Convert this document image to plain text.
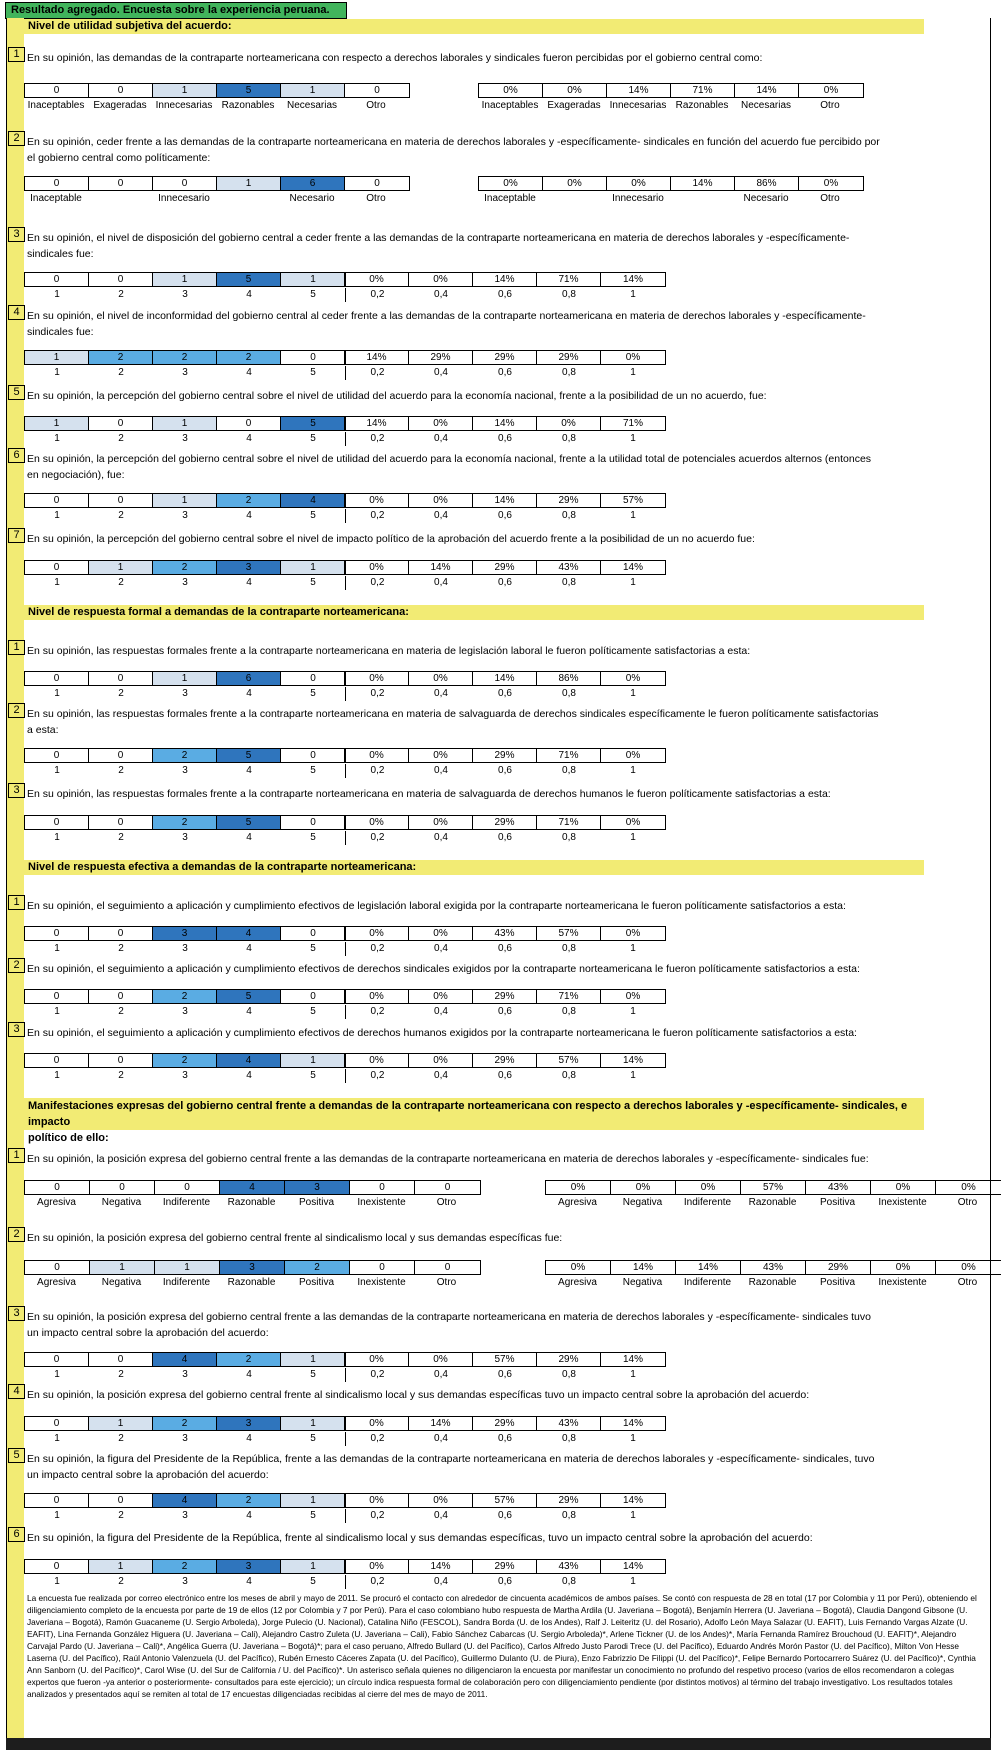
Resultado agregado. Encuesta sobre la experiencia peruana.
Nivel de utilidad subjetiva del acuerdo:
Nivel de respuesta formal a demandas de la contraparte norteamericana:
Nivel de respuesta efectiva a demandas de la contraparte norteamericana:
Manifestaciones expresas del gobierno central frente a demandas de la contraparte norteamericana con respecto a derechos laborales y -específicamente- sindicales, e impacto
político de ello:
1 En su opinión, las demandas de la contraparte norteamericana con respecto a derechos laborales y sindicales fueron percibidas por el gobierno central como:
0	0	1	5	1	0	0%	0%	14%	71%	14%	0%
Inaceptables Exageradas Innecesarias Razonables	Necesarias	Otro	Inaceptables Exageradas Innecesarias Razonables	Necesarias	Otro
2 En su opinión, ceder frente a las demandas de la contraparte norteamericana en materia de derechos laborales y -específicamente- sindicales en función del acuerdo fue percibido por
el gobierno central como políticamente:
0	0	0	1	6	0	0%	0%	0%	14%	86%	0%
Inaceptable	Innecesario	Necesario	Otro	Inaceptable	Innecesario	Necesario	Otro
3 En su opinión, el nivel de disposición del gobierno central a ceder frente a las demandas de la contraparte norteamericana en materia de derechos laborales y -específicamente-
sindicales fue:
0	0	1	5	1	0%	0%	14%	71%	14%
1	2	3	4	5	0,2	0,4	0,6	0,8	1
4 En su opinión, el nivel de inconformidad del gobierno central al ceder frente a las demandas de la contraparte norteamericana en materia de derechos laborales y -específicamente-
sindicales fue:
1	2	2	2	0	14%	29%	29%	29%	0%
1	2	3	4	5	0,2	0,4	0,6	0,8	1
5 En su opinión, la percepción del gobierno central sobre el nivel de utilidad del acuerdo para la economía nacional, frente a la posibilidad de un no acuerdo, fue:
1	0	1	0	5	14%	0%	14%	0%	71%
1	2	3	4	5	0,2	0,4	0,6	0,8	1
6 En su opinión, la percepción del gobierno central sobre el nivel de utilidad del acuerdo para la economía nacional, frente a la utilidad total de potenciales acuerdos alternos (entonces
en negociación), fue:
0	0	1	2	4	0%	0%	14%	29%	57%
1	2	3	4	5	0,2	0,4	0,6	0,8	1
7 En su opinión, la percepción del gobierno central sobre el nivel de impacto político de la aprobación del acuerdo frente a la posibilidad de un no acuerdo fue:
0	1	2	3	1	0%	14%	29%	43%	14%
1	2	3	4	5	0,2	0,4	0,6	0,8	1
1 En su opinión, las respuestas formales frente a la contraparte norteamericana en materia de legislación laboral le fueron políticamente satisfactorias a esta:
0	0	1	6	0	0%	0%	14%	86%	0%
1	2	3	4	5	0,2	0,4	0,6	0,8	1
2 En su opinión, las respuestas formales frente a la contraparte norteamericana en materia de salvaguarda de derechos sindicales específicamente le fueron políticamente satisfactorias
a esta:
0	0	2	5	0	0%	0%	29%	71%	0%
1	2	3	4	5	0,2	0,4	0,6	0,8	1
3 En su opinión, las respuestas formales frente a la contraparte norteamericana en materia de salvaguarda de derechos humanos le fueron políticamente satisfactorias a esta:
0	0	2	5	0	0%	0%	29%	71%	0%
1	2	3	4	5	0,2	0,4	0,6	0,8	1
1 En su opinión, el seguimiento a aplicación y cumplimiento efectivos de legislación laboral exigida por la contraparte norteamericana le fueron políticamente satisfactorios a esta:
0	0	3	4	0	0%	0%	43%	57%	0%
1	2	3	4	5	0,2	0,4	0,6	0,8	1
2 En su opinión, el seguimiento a aplicación y cumplimiento efectivos de derechos sindicales exigidos por la contraparte norteamericana le fueron políticamente satisfactorios a esta:
0	0	2	5	0	0%	0%	29%	71%	0%
1	2	3	4	5	0,2	0,4	0,6	0,8	1
3 En su opinión, el seguimiento a aplicación y cumplimiento efectivos de derechos humanos exigidos por la contraparte norteamericana le fueron políticamente satisfactorios a esta:
0	0	2	4	1	0%	0%	29%	57%	14%
1	2	3	4	5	0,2	0,4	0,6	0,8	1
1 En su opinión, la posición expresa del gobierno central frente a las demandas de la contraparte norteamericana en materia de derechos laborales y -específicamente- sindicales fue:
0	0	0	4	3	0	0	0%	0%	0%	57%	43%	0%	0%
Agresiva	Negativa	Indiferente	Razonable	Positiva	Inexistente	Otro	Agresiva	Negativa	Indiferente	Razonable	Positiva	Inexistente	Otro
2 En su opinión, la posición expresa del gobierno central frente al sindicalismo local y sus demandas específicas fue:
0	1	1	3	2	0	0	0%	14%	14%	43%	29%	0%	0%
Agresiva	Negativa	Indiferente	Razonable	Positiva	Inexistente	Otro	Agresiva	Negativa	Indiferente	Razonable	Positiva	Inexistente	Otro
3 En su opinión, la posición expresa del gobierno central frente a las demandas de la contraparte norteamericana en materia de derechos laborales y -específicamente- sindicales tuvo
un impacto central sobre la aprobación del acuerdo:
0	0	4	2	1	0%	0%	57%	29%	14%
1	2	3	4	5	0,2	0,4	0,6	0,8	1
4 En su opinión, la posición expresa del gobierno central frente al sindicalismo local y sus demandas específicas tuvo un impacto central sobre la aprobación del acuerdo:
0	1	2	3	1	0%	14%	29%	43%	14%
1	2	3	4	5	0,2	0,4	0,6	0,8	1
5 En su opinión, la figura del Presidente de la República, frente a las demandas de la contraparte norteamericana en materia de derechos laborales y -específicamente- sindicales, tuvo
un impacto central sobre la aprobación del acuerdo:
0	0	4	2	1	0%	0%	57%	29%	14%
1	2	3	4	5	0,2	0,4	0,6	0,8	1
6 En su opinión, la figura del Presidente de la República, frente al sindicalismo local y sus demandas específicas, tuvo un impacto central sobre la aprobación del acuerdo:
0	1	2	3	1	0%	14%	29%	43%	14%
1	2	3	4	5	0,2	0,4	0,6	0,8	1
La encuesta fue realizada por correo electrónico entre los meses de abril y mayo de 2011. Se procuró el contacto con alrededor de cincuenta académicos de ambos países. Se contó con respuesta de 28 en total (17 por Colombia y 11 por Perú), obteniendo el diligenciamiento completo de la encuesta por parte de 19 de ellos (12 por Colombia y 7 por Perú). Para el caso colombiano hubo respuesta de Martha Ardila (U. Javeriana – Bogotá), Benjamín Herrera (U. Javeriana – Bogotá), Claudia Dangond Gibsone (U. Javeriana – Bogotá), Ramón Guacaneme (U. Sergio Arboleda), Jorge Pulecio (U. Nacional), Catalina Niño (FESCOL), Sandra Borda (U. de los Andes), Ralf J. Leiteritz (U. del Rosario), Adolfo León Maya Salazar (U. EAFIT), Luis Fernando Vargas Alzate (U. EAFIT), Lina Fernanda González Higuera (U. Javeriana – Cali), Alejandro Castro Zuleta (U. Javeriana – Cali), Fabio Sánchez Cabarcas (U. Sergio Arboleda)*, Arlene Tickner (U. de los Andes)*, María Fernanda Ramírez Brouchoud (U. EAFIT)*, Alejandro Carvajal Pardo (U. Javeriana – Cali)*, Angélica Guerra (U. Javeriana – Bogotá)*; para el caso peruano, Alfredo Bullard (U. del Pacífico), Carlos Alfredo Justo Parodi Trece (U. del Pacífico), Eduardo Andrés Morón Pastor (U. del Pacífico), Milton Von Hesse Laserna (U. del Pacífico), Raúl Antonio Valenzuela (U. del Pacífico), Rubén Ernesto Cáceres Zapata (U. del Pacífico), Guillermo Dulanto (U. de Piura), Enzo Fabrizzio De Filippi (U. del Pacífico)*, Felipe Bernardo Portocarrero Suárez (U. del Pacífico)*, Cynthia Ann Sanborn (U. del Pacífico)*, Carol Wise (U. del Sur de California / U. del Pacífico)*. Un asterisco señala quienes no diligenciaron la encuesta por manifestar un conocimiento no profundo del respetivo proceso (varios de ellos recomendaron a colegas expertos que fueron -ya anterior o posteriormente- consultados para este ejercicio); un círculo indica respuesta formal de colaboración pero con diligenciamiento pendiente (por distintos motivos) al término del trabajo investigativo. Los resultados totales analizados y presentados aquí se remiten al total de 17 encuestas diligenciadas recibidas al cierre del mes de mayo de 2011.
